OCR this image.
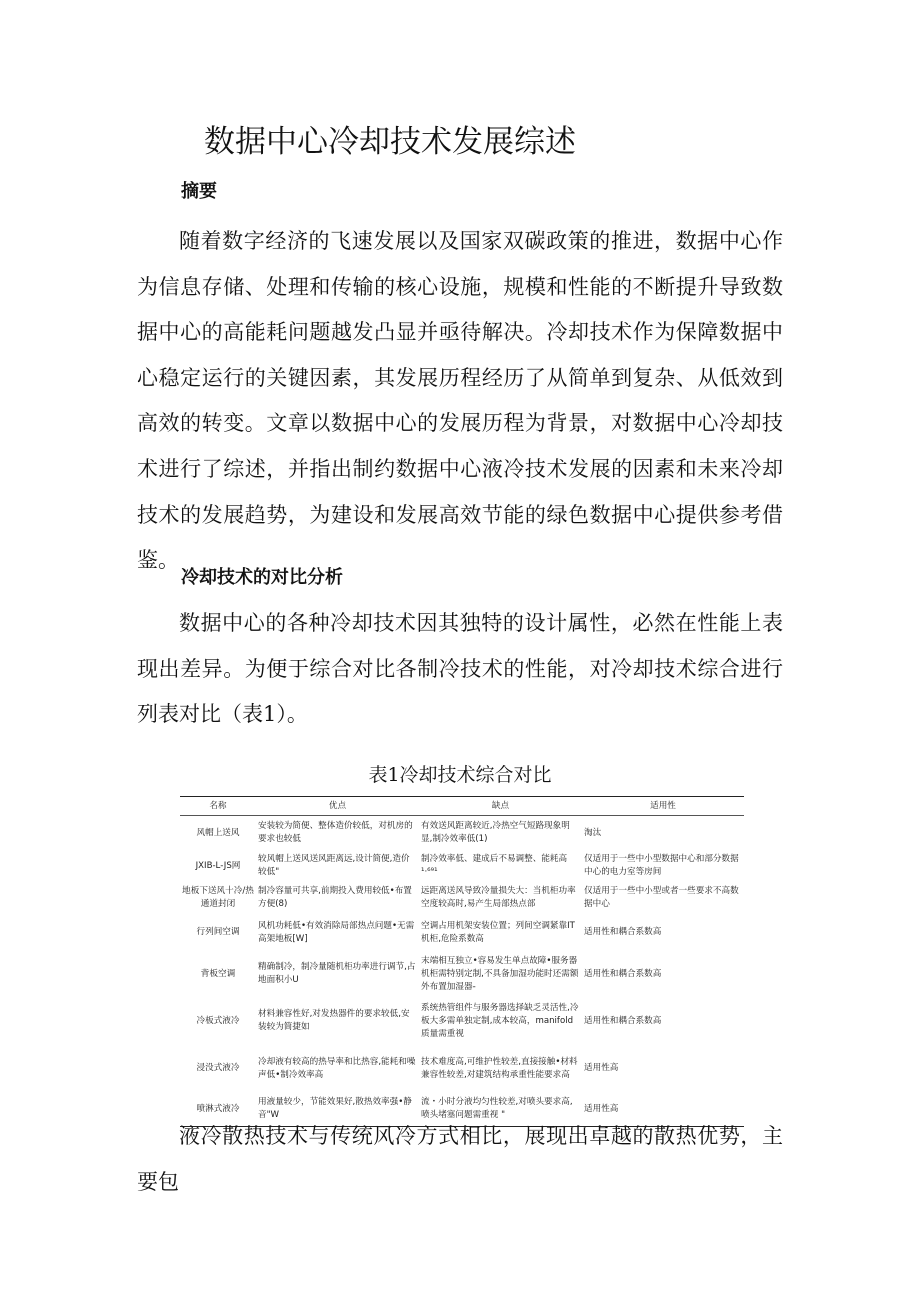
数据中心冷却技术发展综述
摘要

随着数字经济的飞速发展以及国家双碳政策的推进，数据中心作为信息存储、处理和传输的核心设施，规模和性能的不断提升导致数据中心的高能耗问题越发凸显并亟待解决。冷却技术作为保障数据中心稳定运行的关键因素，其发展历程经历了从简单到复杂、从低效到高效的转变。文章以数据中心的发展历程为背景，对数据中心冷却技术进行了综述，并指出制约数据中心液冷技术发展的因素和未来冷却技术的发展趋势，为建设和发展高效节能的绿色数据中心提供参考借鉴。

冷却技术的对比分析

数据中心的各种冷却技术因其独特的设计属性，必然在性能上表现出差异。为便于综合对比各制冷技术的性能，对冷却技术综合进行列表对比（表1）。

表1冷却技术综合对比

名称	优点	缺点	适用性
风帽上送风	安装较为简便、整体造价较低，对机房的要求也较低	有效送风距离较近,冷热空气短路现象明显,制冷效率低(1)	淘汰
JXIB-L-JS网	较风帽上送风送风距离远,设计简便,造价较低"	制冷效率低、建成后不易调整、能耗高¹·⁶⁹¹	仅适用于一些中小型数据中心和部分数据中心的电力室等房间
地板下送风十冷/热通道封闭	制冷容量可共享,前期投入费用较低•布置方便(8)	远距离送风导致冷量损失大：当机柜功率空度较高时,易产生局部热点部	仅适用于一些中小型或者一些要求不高数据中心
行列间空调	风机功耗低•有效消除局部热点问题•无需高架地板[W]	空调占用机架安装位置；列间空调紧靠IT机柜,危险系数高	适用性和耦合系数高
背板空调	精确制冷，制冷量随机柜功率进行调节,占地面积小U	末端相互独立•容易发生单点故障•服务器机柜需特别定制,不具备加湿功能时还需额外布置加湿器-	适用性和耦合系数高
冷板式液冷	材料兼容性好,对发热器件的要求较低,安装较为简捷如	系统热管组件与服务器选择缺乏灵活性,冷板大多需单独定制,成本较高，manifold质量需重视	适用性和耦合系数高
浸没式液冷	冷却液有较高的热导率和比热容,能耗和噪声低•制冷效率高	技术难度高,可维护性较差,直接接触•材料兼容性较差,对建筑结构承重性能要求高	适用性高
喷淋式液冷	用液量较少，节能效果好,散热效率强•静音"W	流・小时分液均匀性较差,对喷头要求高,喷头堵塞问题需重视 "	适用性高

液冷散热技术与传统风冷方式相比，展现出卓越的散热优势，主要包
